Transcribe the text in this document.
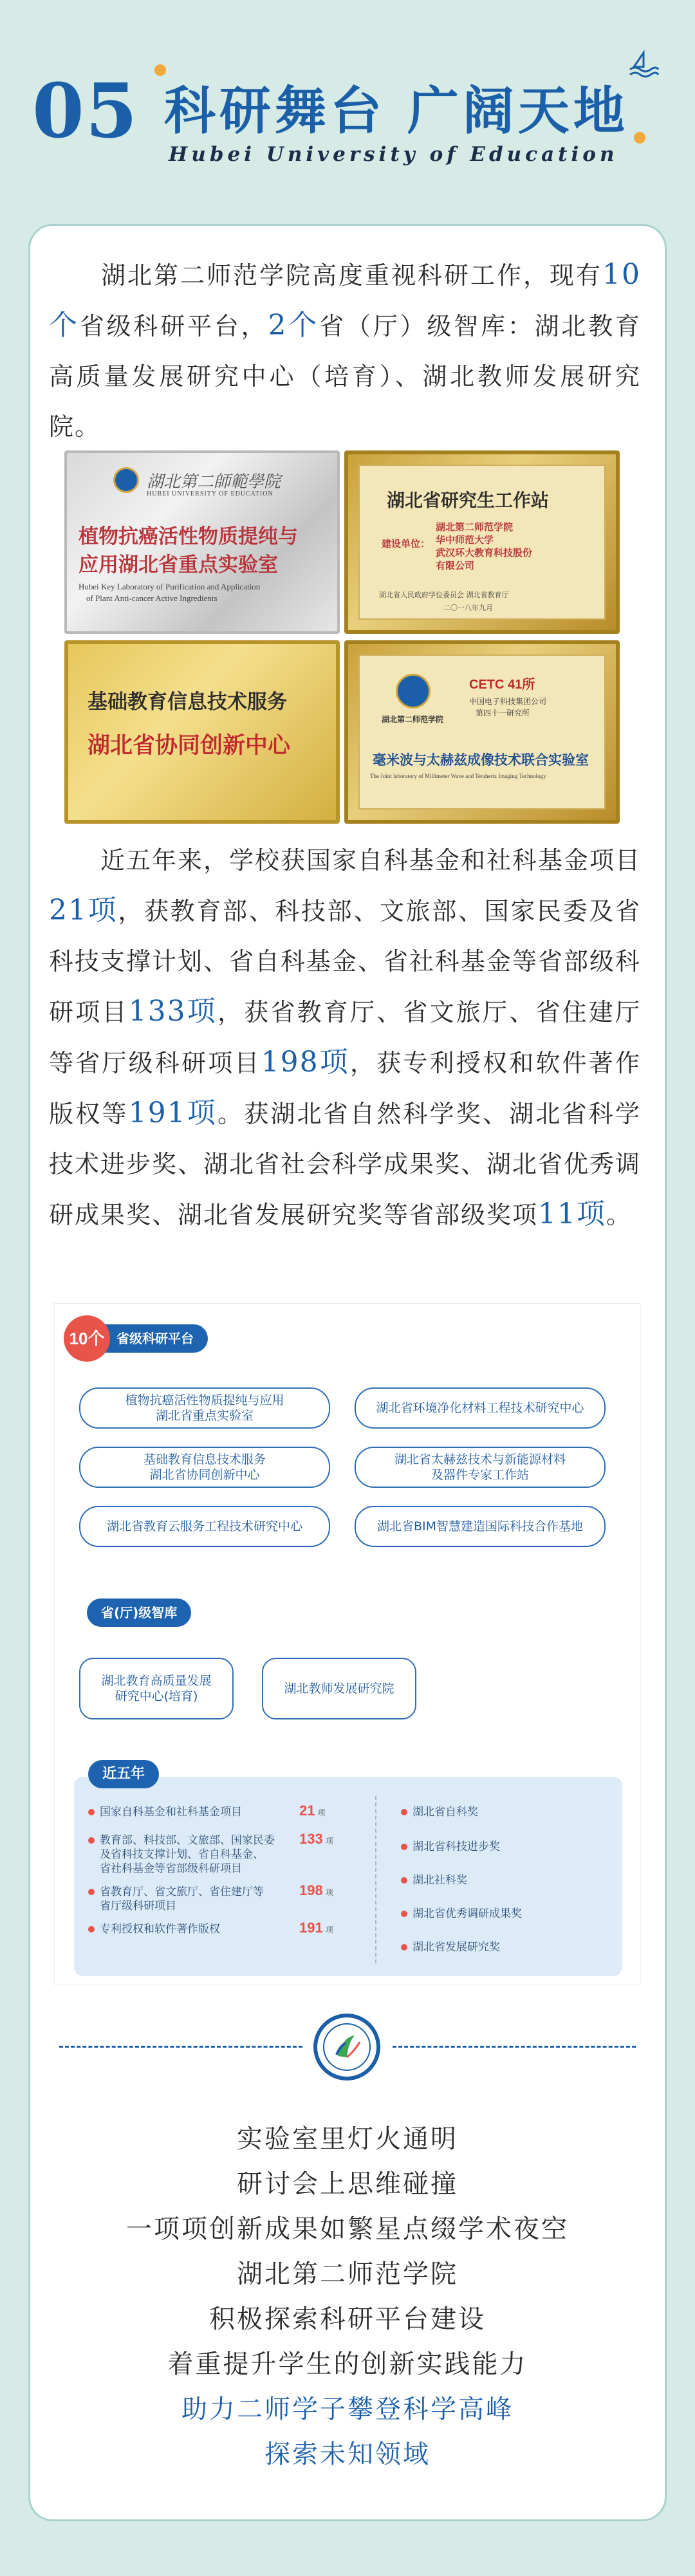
05 科研舞台 广阔天地
Hubei University of Education

湖北第二师范学院高度重视科研工作，现有10个省级科研平台，2个省（厅）级智库：湖北教育高质量发展研究中心（培育）、湖北教师发展研究院。

湖北第二師範學院
HUBEI UNIVERSITY OF EDUCATION
植物抗癌活性物质提纯与
应用湖北省重点实验室
Hubei Key Laboratory of Purification and Application
of Plant Anti-cancer Active Ingredients
湖北省研究生工作站
建设单位：
湖北第二师范学院
华中师范大学
武汉环大教育科技股份
有限公司
湖北省人民政府学位委员会 湖北省教育厅
二〇一八年九月
基础教育信息技术服务
湖北省协同创新中心
湖北第二师范学院
CETC 41所
中国电子科技集团公司
第四十一研究所
毫米波与太赫兹成像技术联合实验室
The Joint laboratory of Millimeter Wave and Terahertz Imaging Technology

近五年来，学校获国家自科基金和社科基金项目21项，获教育部、科技部、文旅部、国家民委及省科技支撑计划、省自科基金、省社科基金等省部级科研项目133项，获省教育厅、省文旅厅、省住建厅等省厅级科研项目198项，获专利授权和软件著作版权等191项。获湖北省自然科学奖、湖北省科学技术进步奖、湖北省社会科学成果奖、湖北省优秀调研成果奖、湖北省发展研究奖等省部级奖项11项。

省级科研平台
10个
植物抗癌活性物质提纯与应用
湖北省重点实验室
湖北省环境净化材料工程技术研究中心
基础教育信息技术服务
湖北省协同创新中心
湖北省太赫兹技术与新能源材料
及器件专家工作站
湖北省教育云服务工程技术研究中心	湖北省BIM智慧建造国际科技合作基地
省(厅)级智库
湖北教育高质量发展
研究中心(培育)
湖北教师发展研究院
近五年
国家自科基金和社科基金项目	21 项
教育部、科技部、文旅部、国家民委
及省科技支撑计划、省自科基金、
省社科基金等省部级科研项目
133 项
省教育厅、省文旅厅、省住建厅等
省厅级科研项目
198 项
专利授权和软件著作版权	191 项
湖北省自科奖
湖北省科技进步奖
湖北社科奖
湖北省优秀调研成果奖
湖北省发展研究奖
实验室里灯火通明
研讨会上思维碰撞
一项项创新成果如繁星点缀学术夜空
湖北第二师范学院
积极探索科研平台建设
着重提升学生的创新实践能力
助力二师学子攀登科学高峰
探索未知领域
